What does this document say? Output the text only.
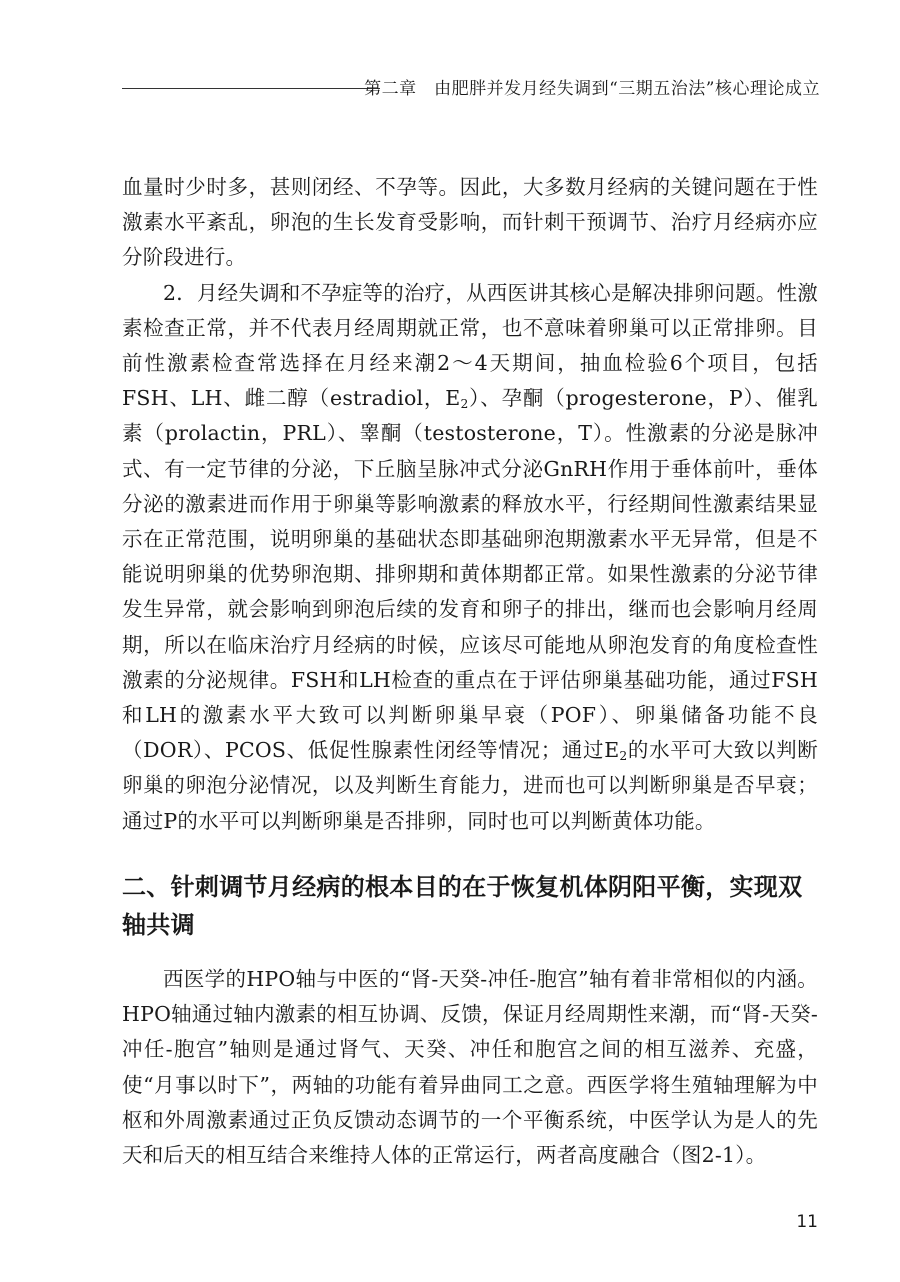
第二章　由肥胖并发月经失调到“三期五治法”核心理论成立

血量时少时多，甚则闭经、不孕等。因此，大多数月经病的关键问题在于性激素水平紊乱，卵泡的生长发育受影响，而针刺干预调节、治疗月经病亦应分阶段进行。

2．月经失调和不孕症等的治疗，从西医讲其核心是解决排卵问题。性激素检查正常，并不代表月经周期就正常，也不意味着卵巢可以正常排卵。目前性激素检查常选择在月经来潮2～4天期间，抽血检验6个项目，包括FSH、LH、雌二醇（estradiol，$E_2$）、孕酮（progesterone，P）、催乳素（prolactin，PRL）、睾酮（testosterone，T）。性激素的分泌是脉冲式、有一定节律的分泌，下丘脑呈脉冲式分泌GnRH作用于垂体前叶，垂体分泌的激素进而作用于卵巢等影响激素的释放水平，行经期间性激素结果显示在正常范围，说明卵巢的基础状态即基础卵泡期激素水平无异常，但是不能说明卵巢的优势卵泡期、排卵期和黄体期都正常。如果性激素的分泌节律发生异常，就会影响到卵泡后续的发育和卵子的排出，继而也会影响月经周期，所以在临床治疗月经病的时候，应该尽可能地从卵泡发育的角度检查性激素的分泌规律。FSH和LH检查的重点在于评估卵巢基础功能，通过FSH和LH的激素水平大致可以判断卵巢早衰（POF）、卵巢储备功能不良（DOR）、PCOS、低促性腺素性闭经等情况；通过$E_2$的水平可大致以判断卵巢的卵泡分泌情况，以及判断生育能力，进而也可以判断卵巢是否早衰；通过P的水平可以判断卵巢是否排卵，同时也可以判断黄体功能。

二、针刺调节月经病的根本目的在于恢复机体阴阳平衡，实现双轴共调

西医学的HPO轴与中医的“肾-天癸-冲任-胞宫”轴有着非常相似的内涵。HPO轴通过轴内激素的相互协调、反馈，保证月经周期性来潮，而“肾-天癸-冲任-胞宫”轴则是通过肾气、天癸、冲任和胞宫之间的相互滋养、充盛，使“月事以时下”，两轴的功能有着异曲同工之意。西医学将生殖轴理解为中枢和外周激素通过正负反馈动态调节的一个平衡系统，中医学认为是人的先天和后天的相互结合来维持人体的正常运行，两者高度融合（图2-1）。

11
